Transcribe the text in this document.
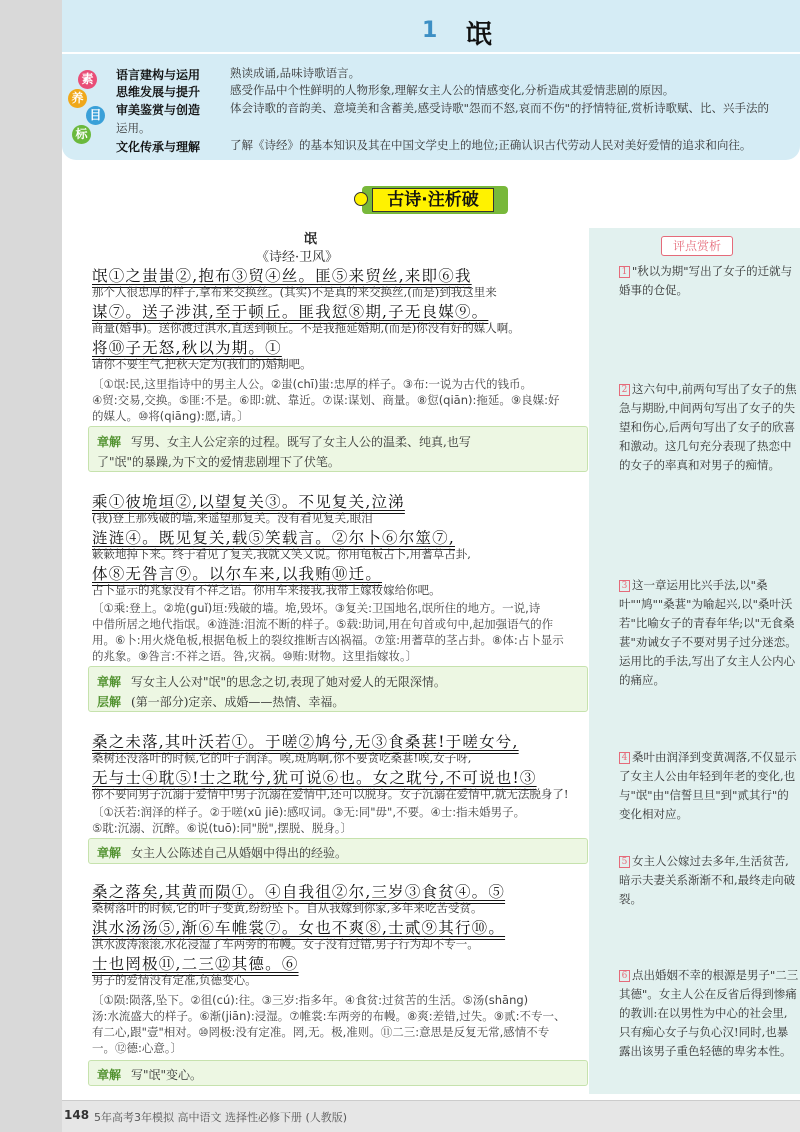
1 氓
素
养
目
标
语言建构与运用	熟读成诵,品味诗歌语言。
思维发展与提升	感受作品中个性鲜明的人物形象,理解女主人公的情感变化,分析造成其爱情悲剧的原因。
审美鉴赏与创造	体会诗歌的音韵美、意境美和含蓄美,感受诗歌"怨而不怒,哀而不伤"的抒情特征,赏析诗歌赋、比、兴手法的
运用。
文化传承与理解	了解《诗经》的基本知识及其在中国文学史上的地位;正确认识古代劳动人民对美好爱情的追求和向往。
古诗·注析破
氓
《诗经·卫风》
氓①之蚩蚩②,抱布③贸④丝。匪⑤来贸丝,来即⑥我
那个人很忠厚的样子,拿布来交换丝。(其实)不是真的来交换丝,(而是)到我这里来
谋⑦。送子涉淇,至于顿丘。匪我愆⑧期,子无良媒⑨。
商量(婚事)。送你渡过淇水,直送到顿丘。不是我拖延婚期,(而是)你没有好的媒人啊。
将⑩子无怒,秋以为期。①
请你不要生气,把秋天定为(我们的)婚期吧。
〔①氓:民,这里指诗中的男主人公。②蚩(chī)蚩:忠厚的样子。③布:一说为古代的钱币。
④贸:交易,交换。⑤匪:不是。⑥即:就、靠近。⑦谋:谋划、商量。⑧愆(qiān):拖延。⑨良媒:好
的媒人。⑩将(qiāng):愿,请。〕
章解 写男、女主人公定亲的过程。既写了女主人公的温柔、纯真,也写
了"氓"的暴躁,为下文的爱情悲剧埋下了伏笔。
乘①彼垝垣②,以望复关③。不见复关,泣涕
(我)登上那残破的墙,来遥望那复关。没有看见复关,眼泪
涟涟④。既见复关,载⑤笑载言。②尔卜⑥尔筮⑦,
簌簌地掉下来。终于看见了复关,我就又笑又说。你用龟板占卜,用蓍草占卦,
体⑧无咎言⑨。以尔车来,以我贿⑩迁。
占卜显示的兆象没有不祥之语。你用车来接我,我带上嫁妆嫁给你吧。
〔①乘:登上。②垝(guǐ)垣:残破的墙。垝,毁坏。③复关:卫国地名,氓所住的地方。一说,诗
中借所居之地代指氓。④涟涟:泪流不断的样子。⑤载:助词,用在句首或句中,起加强语气的作
用。⑥卜:用火烧龟板,根据龟板上的裂纹推断吉凶祸福。⑦筮:用蓍草的茎占卦。⑧体:占卜显示
的兆象。⑨咎言:不祥之语。咎,灾祸。⑩贿:财物。这里指嫁妆。〕
章解 写女主人公对"氓"的思念之切,表现了她对爱人的无限深情。
层解 (第一部分)定亲、成婚——热情、幸福。
桑之未落,其叶沃若①。于嗟②鸠兮,无③食桑葚!于嗟女兮,
桑树还没落叶的时候,它的叶子润泽。唉,斑鸠啊,你不要贪吃桑葚!唉,女子呀,
无与士④耽⑤!士之耽兮,犹可说⑥也。女之耽兮,不可说也!③
你不要同男子沉溺于爱情中!男子沉溺在爱情中,还可以脱身。女子沉溺在爱情中,就无法脱身了!
〔①沃若:润泽的样子。②于嗟(xū jiē):感叹词。③无:同"毋",不要。④士:指未婚男子。
⑤耽:沉溺、沉醉。⑥说(tuō):同"脱",摆脱、脱身。〕
章解 女主人公陈述自己从婚姻中得出的经验。
桑之落矣,其黄而陨①。④自我徂②尔,三岁③食贫④。⑤
桑树落叶的时候,它的叶子变黄,纷纷坠下。自从我嫁到你家,多年来吃苦受贫。
淇水汤汤⑤,渐⑥车帷裳⑦。女也不爽⑧,士贰⑨其行⑩。
淇水波涛滚滚,水花浸湿了车两旁的布幔。女子没有过错,男子行为却不专一。
士也罔极⑪,二三⑫其德。⑥
男子的爱情没有定准,负德变心。
〔①陨:陨落,坠下。②徂(cú):往。③三岁:指多年。④食贫:过贫苦的生活。⑤汤(shāng)
汤:水流盛大的样子。⑥渐(jiān):浸湿。⑦帷裳:车两旁的布幔。⑧爽:差错,过失。⑨贰:不专一、
有二心,跟"壹"相对。⑩罔极:没有定准。罔,无。极,准则。⑪二三:意思是反复无常,感情不专
一。⑫德:心意。〕
章解 写"氓"变心。
评点赏析
1 "秋以为期"写出了女子的迁就与婚事的仓促。
2 这六句中,前两句写出了女子的焦急与期盼,中间两句写出了女子的失望和伤心,后两句写出了女子的欣喜和激动。这几句充分表现了热恋中的女子的率真和对男子的痴情。
3 这一章运用比兴手法,以"桑叶""鸠""桑葚"为喻起兴,以"桑叶沃若"比喻女子的青春年华;以"无食桑葚"劝诫女子不要对男子过分迷恋。运用比的手法,写出了女主人公内心的痛应。
4 桑叶由润泽到变黄凋落,不仅显示了女主人公由年轻到年老的变化,也与"氓"由"信誓旦旦"到"贰其行"的变化相对应。
5 女主人公嫁过去多年,生活贫苦,暗示夫妻关系渐渐不和,最终走向破裂。
6 点出婚姻不幸的根源是男子"二三其德"。女主人公在反省后得到惨痛的教训:在以男性为中心的社会里,只有痴心女子与负心汉!同时,也暴露出该男子重色轻德的卑劣本性。
148 5年高考3年模拟 高中语文 选择性必修下册 (人教版)
